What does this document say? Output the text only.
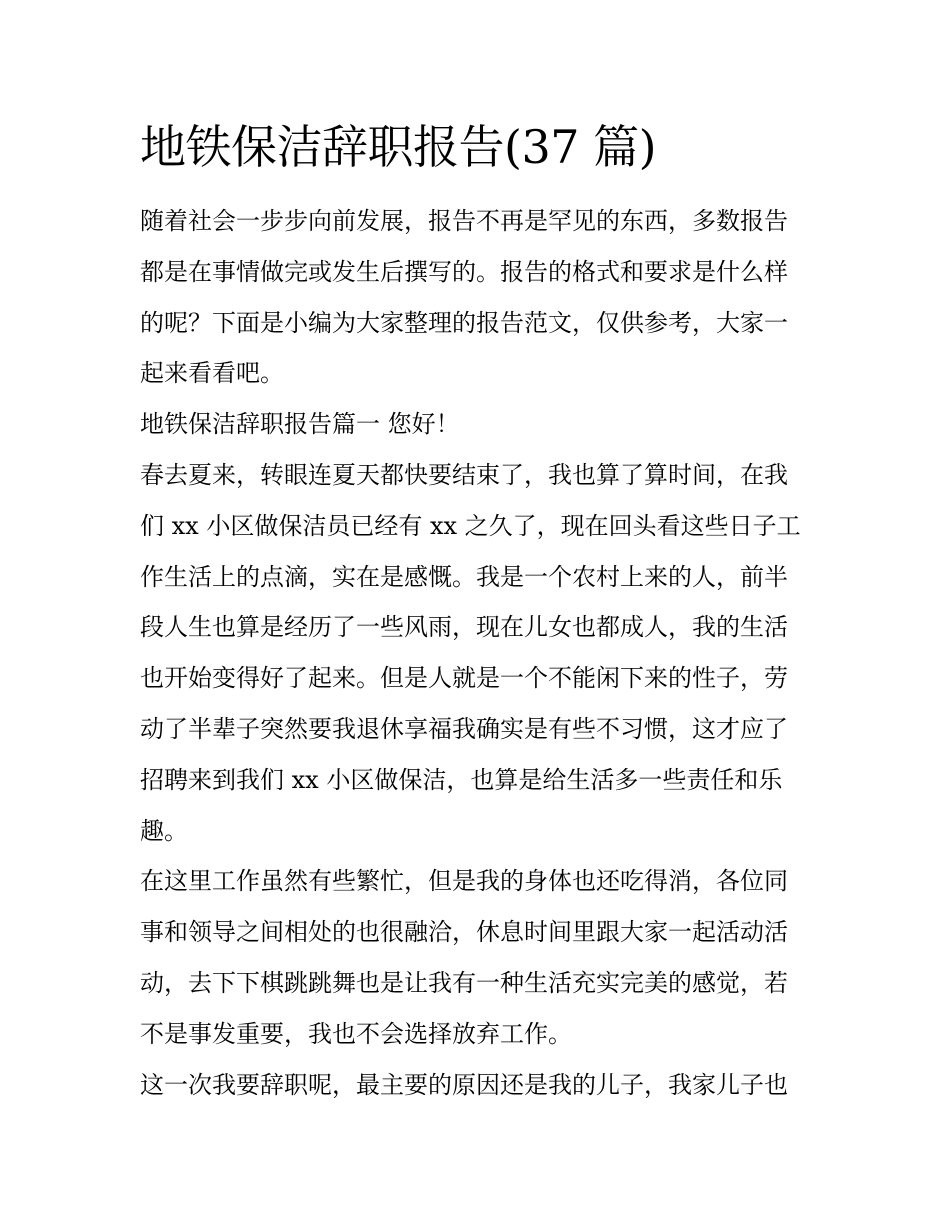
地铁保洁辞职报告(37 篇)
随着社会一步步向前发展，报告不再是罕见的东西，多数报告
都是在事情做完或发生后撰写的。报告的格式和要求是什么样
的呢？下面是小编为大家整理的报告范文，仅供参考，大家一
起来看看吧。
地铁保洁辞职报告篇一 您好！
春去夏来，转眼连夏天都快要结束了，我也算了算时间，在我
们 xx 小区做保洁员已经有 xx 之久了，现在回头看这些日子工
作生活上的点滴，实在是感慨。我是一个农村上来的人，前半
段人生也算是经历了一些风雨，现在儿女也都成人，我的生活
也开始变得好了起来。但是人就是一个不能闲下来的性子，劳
动了半辈子突然要我退休享福我确实是有些不习惯，这才应了
招聘来到我们 xx 小区做保洁，也算是给生活多一些责任和乐
趣。
在这里工作虽然有些繁忙，但是我的身体也还吃得消，各位同
事和领导之间相处的也很融洽，休息时间里跟大家一起活动活
动，去下下棋跳跳舞也是让我有一种生活充实完美的感觉，若
不是事发重要，我也不会选择放弃工作。
这一次我要辞职呢，最主要的原因还是我的儿子，我家儿子也
